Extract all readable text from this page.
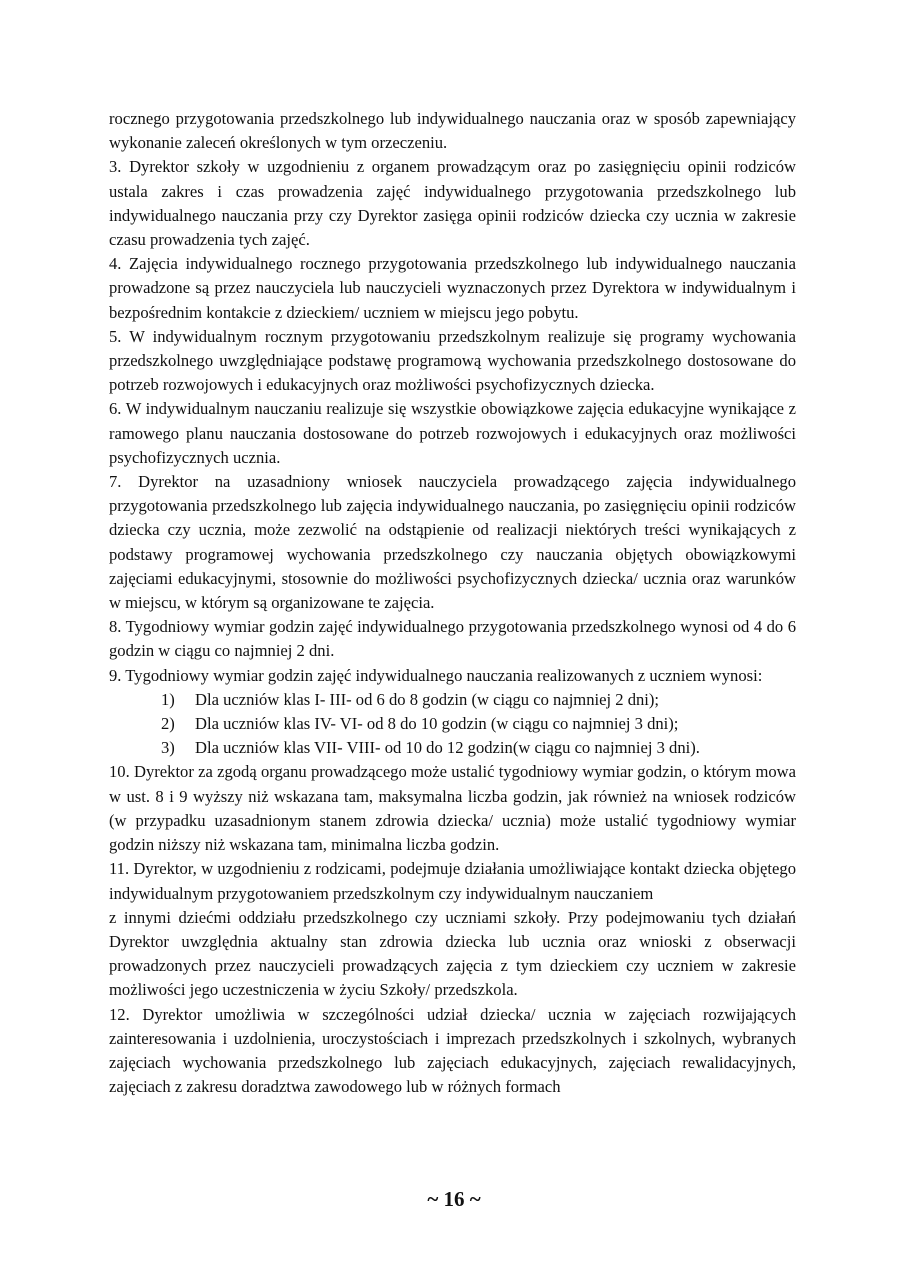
rocznego przygotowania przedszkolnego lub indywidualnego nauczania oraz w sposób zapewniający wykonanie zaleceń określonych w tym orzeczeniu.

3. Dyrektor szkoły w uzgodnieniu z organem prowadzącym oraz po zasięgnięciu opinii rodziców ustala zakres i czas prowadzenia zajęć indywidualnego przygotowania przedszkolnego lub indywidualnego nauczania przy czy Dyrektor zasięga opinii rodziców dziecka czy ucznia w zakresie czasu prowadzenia tych zajęć.

4. Zajęcia indywidualnego rocznego przygotowania przedszkolnego lub indywidualnego nauczania prowadzone są przez nauczyciela lub nauczycieli wyznaczonych przez Dyrektora w indywidualnym i bezpośrednim kontakcie z dzieckiem/ uczniem w miejscu jego pobytu.

5. W indywidualnym rocznym przygotowaniu przedszkolnym realizuje się programy wychowania przedszkolnego uwzględniające podstawę programową wychowania przedszkolnego dostosowane do potrzeb rozwojowych i edukacyjnych oraz możliwości psychofizycznych dziecka.

6. W indywidualnym nauczaniu realizuje się wszystkie obowiązkowe zajęcia edukacyjne wynikające z ramowego planu nauczania dostosowane do potrzeb rozwojowych i edukacyjnych oraz możliwości psychofizycznych ucznia.

7. Dyrektor na uzasadniony wniosek nauczyciela prowadzącego zajęcia indywidualnego przygotowania przedszkolnego lub zajęcia indywidualnego nauczania, po zasięgnięciu opinii rodziców dziecka czy ucznia, może zezwolić na odstąpienie od realizacji niektórych treści wynikających z podstawy programowej wychowania przedszkolnego czy nauczania objętych obowiązkowymi zajęciami edukacyjnymi, stosownie do możliwości psychofizycznych dziecka/ ucznia oraz warunków w miejscu, w którym są organizowane te zajęcia.

8. Tygodniowy wymiar godzin zajęć indywidualnego przygotowania przedszkolnego wynosi od 4 do 6 godzin w ciągu co najmniej 2 dni.

9. Tygodniowy wymiar godzin zajęć indywidualnego nauczania realizowanych z uczniem wynosi:

1) Dla uczniów klas I- III- od 6 do 8 godzin (w ciągu co najmniej 2 dni);
2) Dla uczniów klas IV- VI- od 8 do 10 godzin (w ciągu co najmniej 3 dni);
3) Dla uczniów klas VII- VIII- od 10 do 12 godzin(w ciągu co najmniej 3 dni).

10. Dyrektor za zgodą organu prowadzącego może ustalić tygodniowy wymiar godzin, o którym mowa w ust. 8 i 9 wyższy niż wskazana tam, maksymalna liczba godzin, jak również na wniosek rodziców (w przypadku uzasadnionym stanem zdrowia dziecka/ ucznia) może ustalić tygodniowy wymiar godzin niższy niż wskazana tam, minimalna liczba godzin.

11. Dyrektor, w uzgodnieniu z rodzicami, podejmuje działania umożliwiające kontakt dziecka objętego indywidualnym przygotowaniem przedszkolnym czy indywidualnym nauczaniem

z innymi dziećmi oddziału przedszkolnego czy uczniami szkoły. Przy podejmowaniu tych działań Dyrektor uwzględnia aktualny stan zdrowia dziecka lub ucznia oraz wnioski z obserwacji prowadzonych przez nauczycieli prowadzących zajęcia z tym dzieckiem czy uczniem w zakresie możliwości jego uczestniczenia w życiu Szkoły/ przedszkola.

12. Dyrektor umożliwia w szczególności udział dziecka/ ucznia w zajęciach rozwijających zainteresowania i uzdolnienia, uroczystościach i imprezach przedszkolnych i szkolnych, wybranych zajęciach wychowania przedszkolnego lub zajęciach edukacyjnych, zajęciach rewalidacyjnych, zajęciach z zakresu doradztwa zawodowego lub w różnych formach

~ 16 ~
